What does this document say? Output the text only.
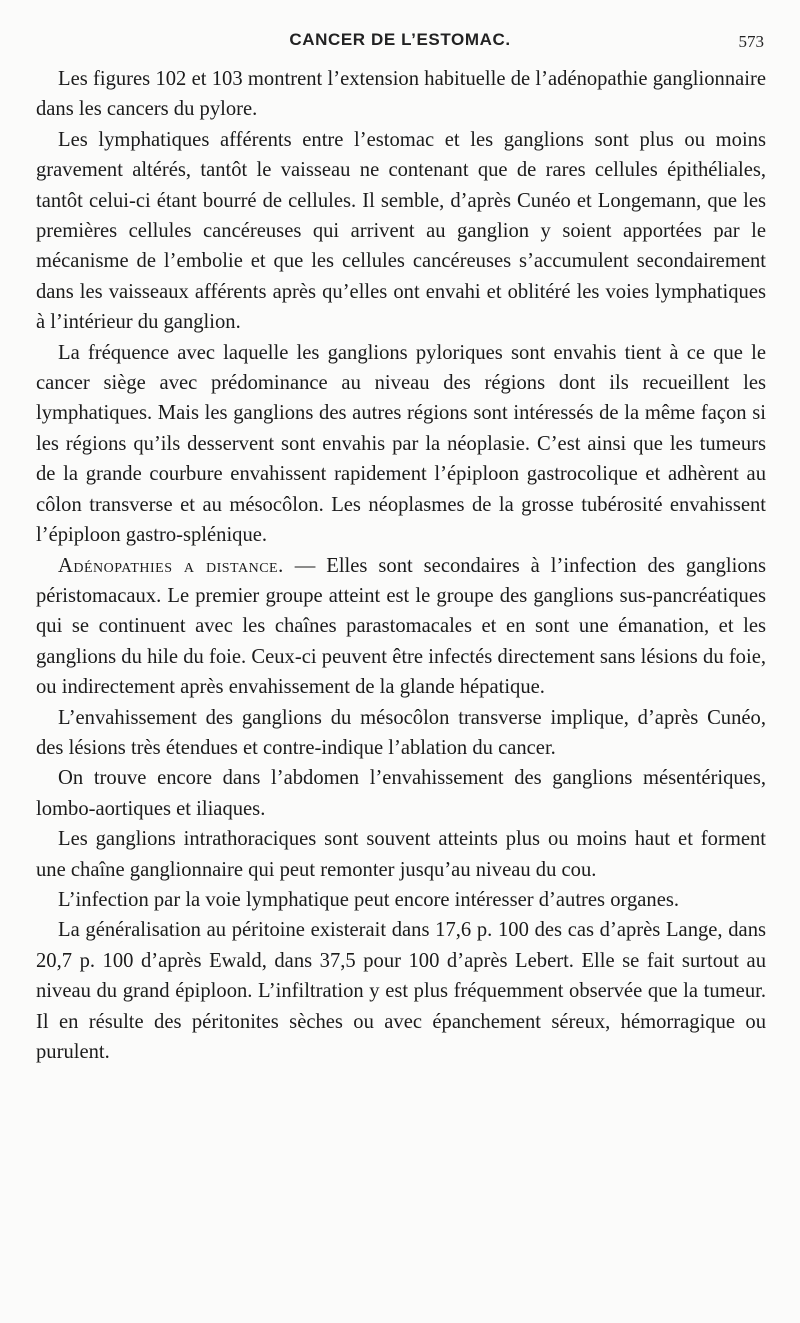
CANCER DE L’ESTOMAC.	573

Les figures 102 et 103 montrent l’extension habituelle de l’adénopathie ganglionnaire dans les cancers du pylore.

Les lymphatiques afférents entre l’estomac et les ganglions sont plus ou moins gravement altérés, tantôt le vaisseau ne contenant que de rares cellules épithéliales, tantôt celui-ci étant bourré de cellules. Il semble, d’après Cunéo et Longemann, que les premières cellules cancéreuses qui arrivent au ganglion y soient apportées par le mécanisme de l’embolie et que les cellules cancéreuses s’accumulent secondairement dans les vaisseaux afférents après qu’elles ont envahi et oblitéré les voies lymphatiques à l’intérieur du ganglion.

La fréquence avec laquelle les ganglions pyloriques sont envahis tient à ce que le cancer siège avec prédominance au niveau des régions dont ils recueillent les lymphatiques. Mais les ganglions des autres régions sont intéressés de la même façon si les régions qu’ils desservent sont envahis par la néoplasie. C’est ainsi que les tumeurs de la grande courbure envahissent rapidement l’épiploon gastrocolique et adhèrent au côlon transverse et au mésocôlon. Les néoplasmes de la grosse tubérosité envahissent l’épiploon gastro-splénique.

Adénopathies a distance. — Elles sont secondaires à l’infection des ganglions péristomacaux. Le premier groupe atteint est le groupe des ganglions sus-pancréatiques qui se continuent avec les chaînes parastomacales et en sont une émanation, et les ganglions du hile du foie. Ceux-ci peuvent être infectés directement sans lésions du foie, ou indirectement après envahissement de la glande hépatique.

L’envahissement des ganglions du mésocôlon transverse implique, d’après Cunéo, des lésions très étendues et contre-indique l’ablation du cancer.

On trouve encore dans l’abdomen l’envahissement des ganglions mésentériques, lombo-aortiques et iliaques.

Les ganglions intrathoraciques sont souvent atteints plus ou moins haut et forment une chaîne ganglionnaire qui peut remonter jusqu’au niveau du cou.

L’infection par la voie lymphatique peut encore intéresser d’autres organes.

La généralisation au péritoine existerait dans 17,6 p. 100 des cas d’après Lange, dans 20,7 p. 100 d’après Ewald, dans 37,5 pour 100 d’après Lebert. Elle se fait surtout au niveau du grand épiploon. L’infiltration y est plus fréquemment observée que la tumeur. Il en résulte des péritonites sèches ou avec épanchement séreux, hémorragique ou purulent.
